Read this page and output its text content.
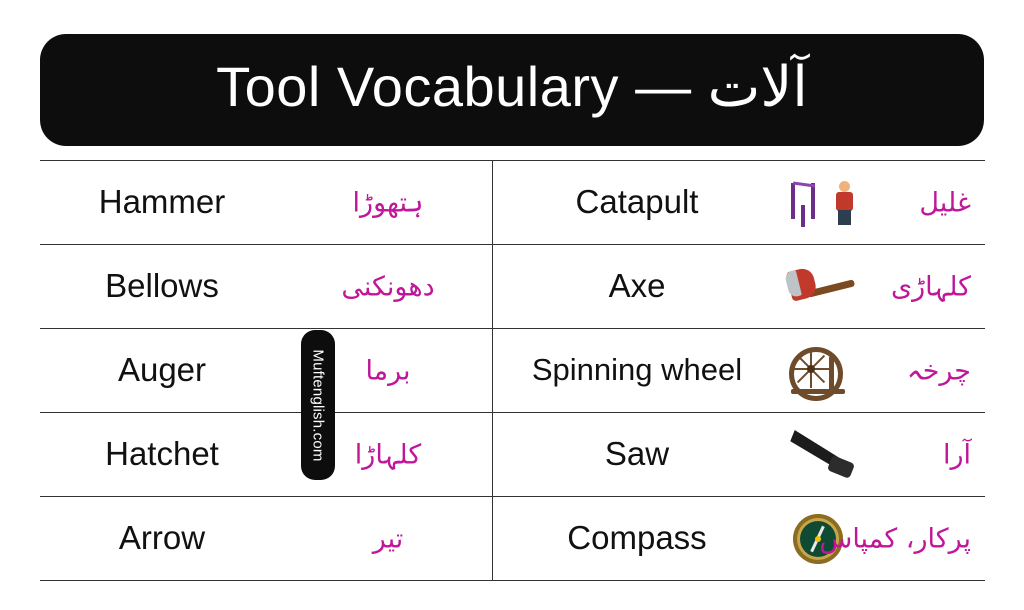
Tool Vocabulary — آلات
Hammer	ہتھوڑا	Catapult	غلیل

Bellows	دھونکنی	Axe	کلہاڑی

Auger	برما	Spinning wheel	چرخہ

Hatchet	کلہاڑا	Saw	آرا

Arrow	تیر	Compass	پرکار، کمپاس
Muftenglish.com
